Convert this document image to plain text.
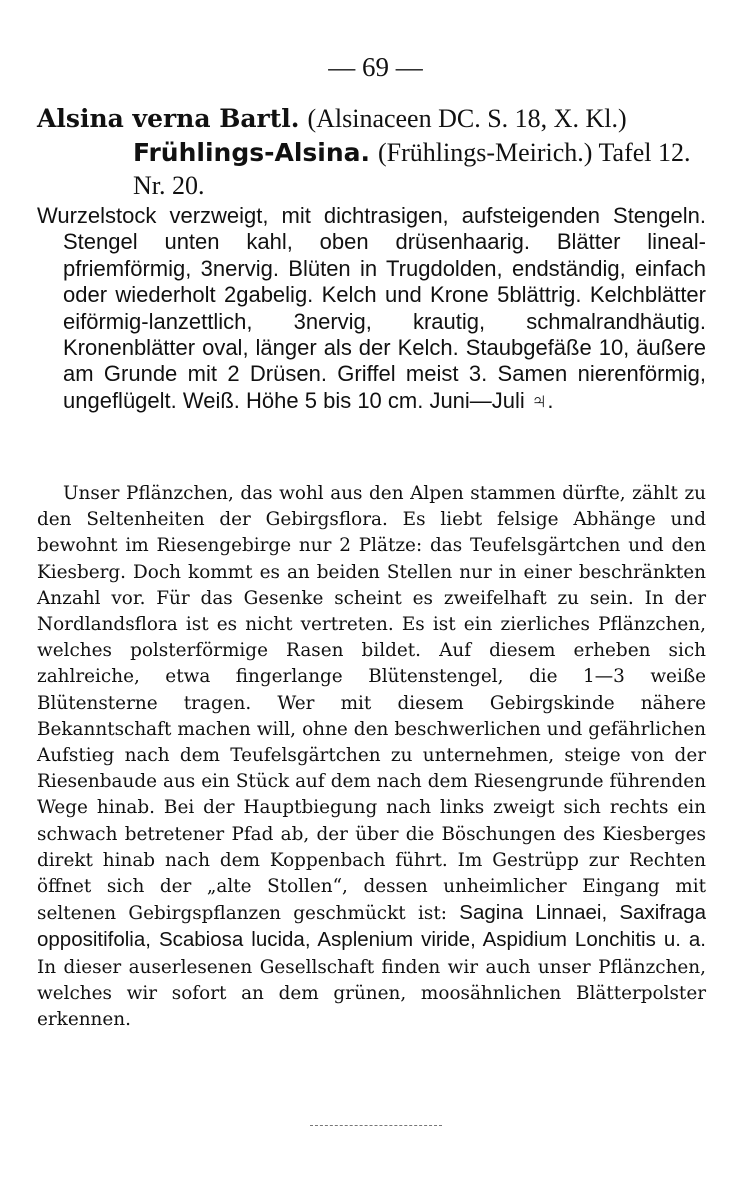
— 69 —
Alsina verna Bartl. (Alsinaceen DC. S. 18, X. Kl.)
Frühlings-Alsina. (Frühlings-Meirich.) Tafel 12.
Nr. 20.

Wurzelstock verzweigt, mit dichtrasigen, aufsteigenden Stengeln. Stengel unten kahl, oben drüsenhaarig. Blätter lineal-pfriemförmig, 3nervig. Blüten in Trugdolden, endständig, einfach oder wiederholt 2gabelig. Kelch und Krone 5blättrig. Kelchblätter eiförmig-lanzettlich, 3nervig, krautig, schmalrandhäutig. Kronenblätter oval, länger als der Kelch. Staubgefäße 10, äußere am Grunde mit 2 Drüsen. Griffel meist 3. Samen nierenförmig, ungeflügelt. Weiß. Höhe 5 bis 10 cm. Juni—Juli ♃.

Unser Pflänzchen, das wohl aus den Alpen stammen dürfte, zählt zu den Seltenheiten der Gebirgsflora. Es liebt felsige Abhänge und bewohnt im Riesengebirge nur 2 Plätze: das Teufelsgärtchen und den Kiesberg. Doch kommt es an beiden Stellen nur in einer beschränkten Anzahl vor. Für das Gesenke scheint es zweifelhaft zu sein. In der Nordlandsflora ist es nicht vertreten. Es ist ein zierliches Pflänzchen, welches polsterförmige Rasen bildet. Auf diesem erheben sich zahlreiche, etwa fingerlange Blütenstengel, die 1—3 weiße Blütensterne tragen. Wer mit diesem Gebirgskinde nähere Bekanntschaft machen will, ohne den beschwerlichen und gefährlichen Aufstieg nach dem Teufelsgärtchen zu unternehmen, steige von der Riesenbaude aus ein Stück auf dem nach dem Riesengrunde führenden Wege hinab. Bei der Hauptbiegung nach links zweigt sich rechts ein schwach betretener Pfad ab, der über die Böschungen des Kiesberges direkt hinab nach dem Koppenbach führt. Im Gestrüpp zur Rechten öffnet sich der „alte Stollen“, dessen unheimlicher Eingang mit seltenen Gebirgspflanzen geschmückt ist: Sagina Linnaei, Saxifraga oppositifolia, Scabiosa lucida, Asplenium viride, Aspidium Lonchitis u. a. In dieser auserlesenen Gesellschaft finden wir auch unser Pflänzchen, welches wir sofort an dem grünen, moosähnlichen Blätterpolster erkennen.
